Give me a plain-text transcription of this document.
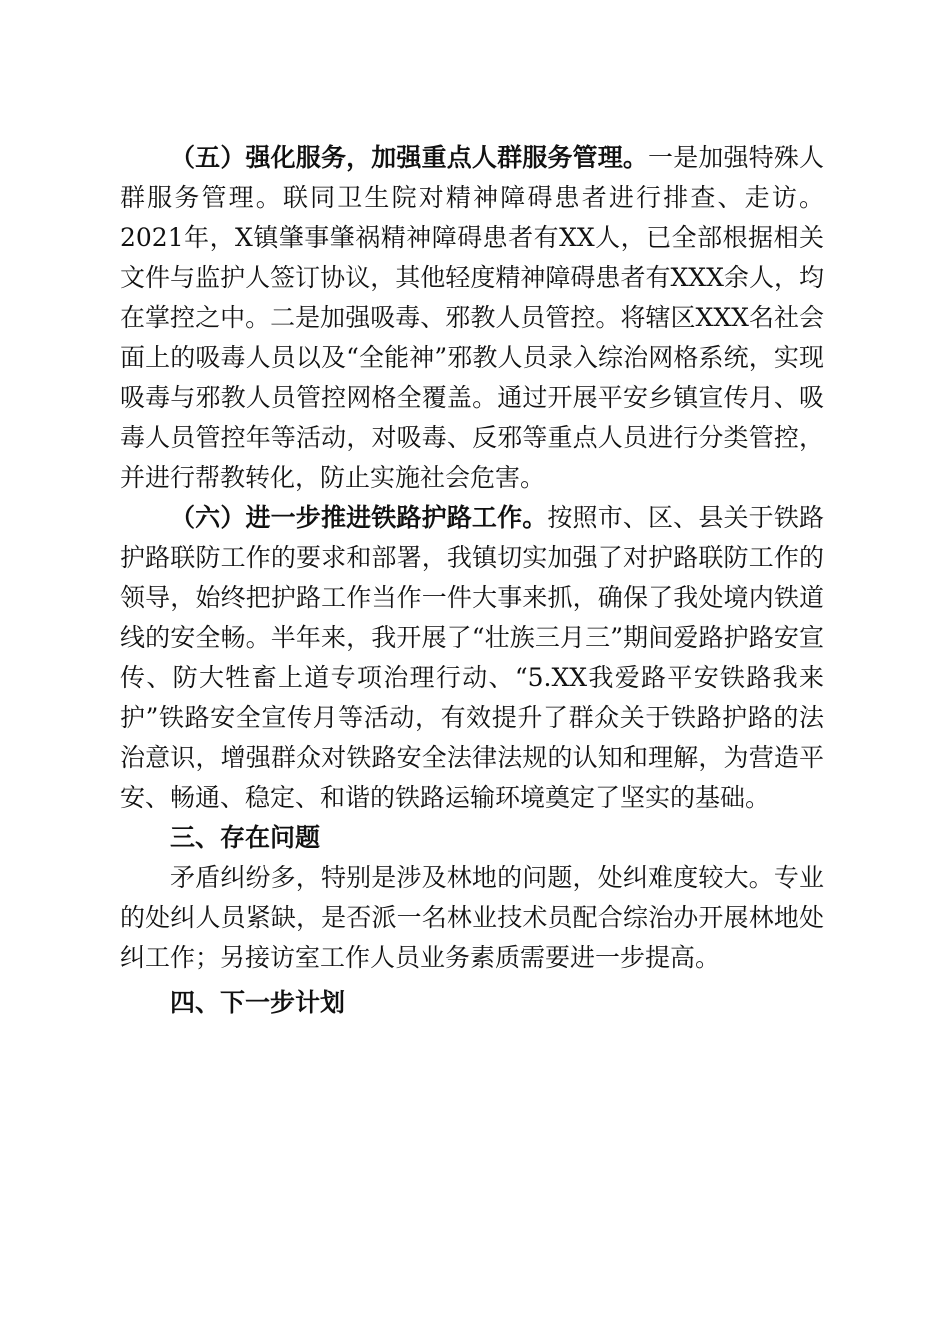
（五）强化服务，加强重点人群服务管理。一是加强特殊人群服务管理。联同卫生院对精神障碍患者进行排查、走访。2021年，X镇肇事肇祸精神障碍患者有XX人，已全部根据相关文件与监护人签订协议，其他轻度精神障碍患者有XXX余人，均在掌控之中。二是加强吸毒、邪教人员管控。将辖区XXX名社会面上的吸毒人员以及“全能神”邪教人员录入综治网格系统，实现吸毒与邪教人员管控网格全覆盖。通过开展平安乡镇宣传月、吸毒人员管控年等活动，对吸毒、反邪等重点人员进行分类管控，并进行帮教转化，防止实施社会危害。

（六）进一步推进铁路护路工作。按照市、区、县关于铁路护路联防工作的要求和部署，我镇切实加强了对护路联防工作的领导，始终把护路工作当作一件大事来抓，确保了我处境内铁道线的安全畅。半年来，我开展了“壮族三月三”期间爱路护路安宣传、防大牲畜上道专项治理行动、“5.XX我爱路平安铁路我来护”铁路安全宣传月等活动，有效提升了群众关于铁路护路的法治意识，增强群众对铁路安全法律法规的认知和理解，为营造平安、畅通、稳定、和谐的铁路运输环境奠定了坚实的基础。

三、存在问题

矛盾纠纷多，特别是涉及林地的问题，处纠难度较大。专业的处纠人员紧缺，是否派一名林业技术员配合综治办开展林地处纠工作；另接访室工作人员业务素质需要进一步提高。

四、下一步计划
